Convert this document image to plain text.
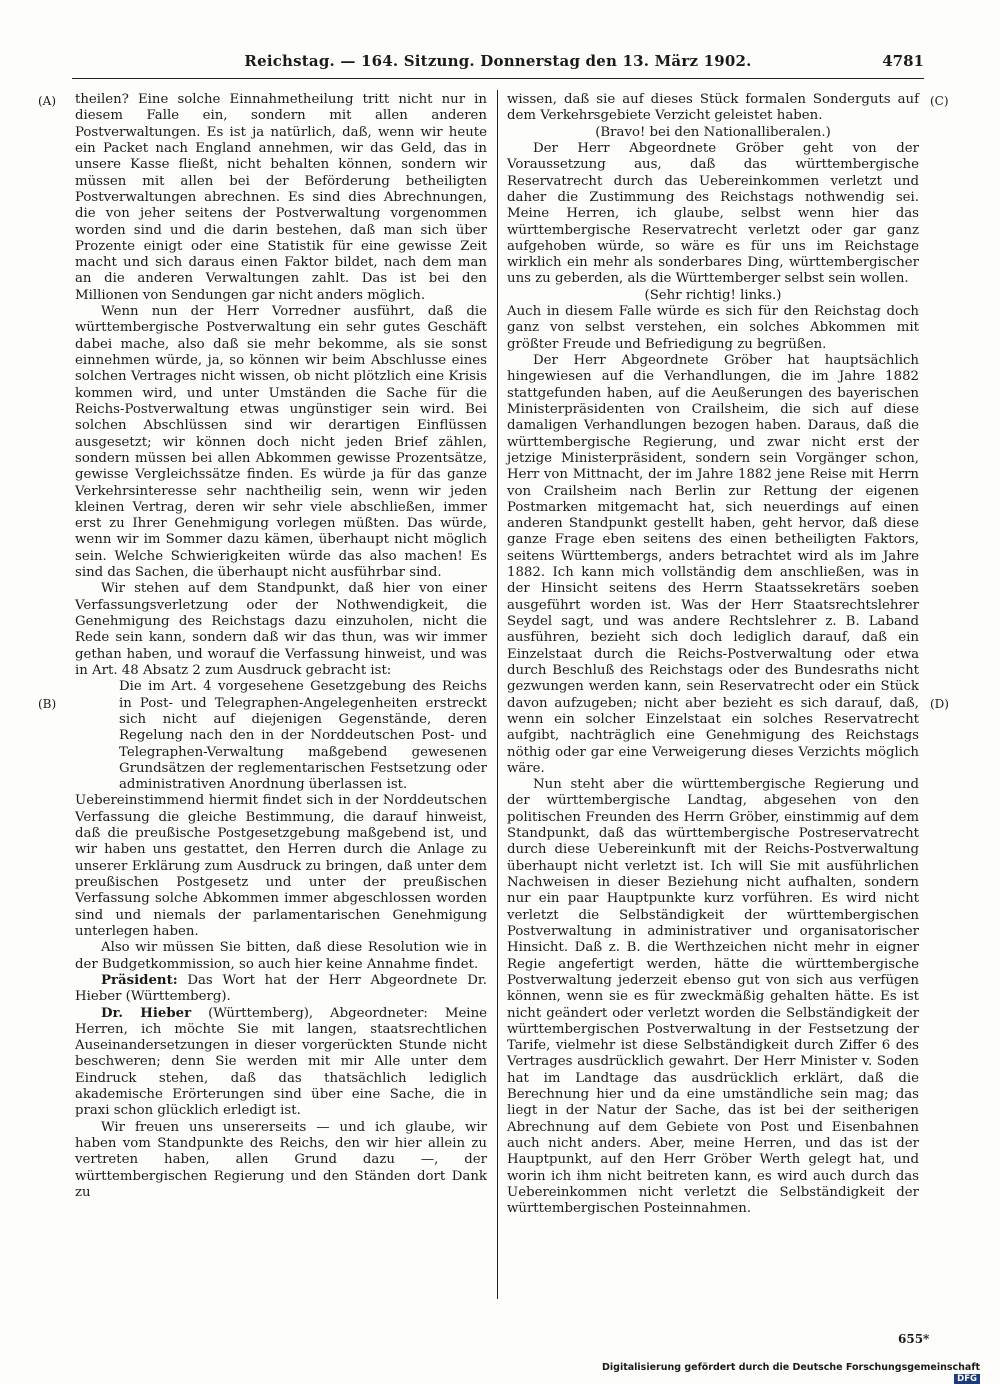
Reichstag. — 164. Sitzung. Donnerstag den 13. März 1902.	4781
(A)
(B)
(C)
(D)

theilen? Eine solche Einnahmetheilung tritt nicht nur in diesem Falle ein, sondern mit allen anderen Postverwaltungen. Es ist ja natürlich, daß, wenn wir heute ein Packet nach England annehmen, wir das Geld, das in unsere Kasse fließt, nicht behalten können, sondern wir müssen mit allen bei der Beförderung betheiligten Postverwaltungen abrechnen. Es sind dies Abrechnungen, die von jeher seitens der Postverwaltung vorgenommen worden sind und die darin bestehen, daß man sich über Prozente einigt oder eine Statistik für eine gewisse Zeit macht und sich daraus einen Faktor bildet, nach dem man an die anderen Verwaltungen zahlt. Das ist bei den Millionen von Sendungen gar nicht anders möglich.

Wenn nun der Herr Vorredner ausführt, daß die württembergische Postverwaltung ein sehr gutes Geschäft dabei mache, also daß sie mehr bekomme, als sie sonst einnehmen würde, ja, so können wir beim Abschlusse eines solchen Vertrages nicht wissen, ob nicht plötzlich eine Krisis kommen wird, und unter Umständen die Sache für die Reichs-Postverwaltung etwas ungünstiger sein wird. Bei solchen Abschlüssen sind wir derartigen Einflüssen ausgesetzt; wir können doch nicht jeden Brief zählen, sondern müssen bei allen Abkommen gewisse Prozentsätze, gewisse Vergleichssätze finden. Es würde ja für das ganze Verkehrsinteresse sehr nachtheilig sein, wenn wir jeden kleinen Vertrag, deren wir sehr viele abschließen, immer erst zu Ihrer Genehmigung vorlegen müßten. Das würde, wenn wir im Sommer dazu kämen, überhaupt nicht möglich sein. Welche Schwierigkeiten würde das also machen! Es sind das Sachen, die überhaupt nicht ausführbar sind.

Wir stehen auf dem Standpunkt, daß hier von einer Verfassungsverletzung oder der Nothwendigkeit, die Genehmigung des Reichstags dazu einzuholen, nicht die Rede sein kann, sondern daß wir das thun, was wir immer gethan haben, und worauf die Verfassung hinweist, und was in Art. 48 Absatz 2 zum Ausdruck gebracht ist:

Die im Art. 4 vorgesehene Gesetzgebung des Reichs in Post- und Telegraphen-Angelegenheiten erstreckt sich nicht auf diejenigen Gegenstände, deren Regelung nach den in der Norddeutschen Post- und Telegraphen-Verwaltung maßgebend gewesenen Grundsätzen der reglementarischen Festsetzung oder administrativen Anordnung überlassen ist.

Uebereinstimmend hiermit findet sich in der Norddeutschen Verfassung die gleiche Bestimmung, die darauf hinweist, daß die preußische Postgesetzgebung maßgebend ist, und wir haben uns gestattet, den Herren durch die Anlage zu unserer Erklärung zum Ausdruck zu bringen, daß unter dem preußischen Postgesetz und unter der preußischen Verfassung solche Abkommen immer abgeschlossen worden sind und niemals der parlamentarischen Genehmigung unterlegen haben.

Also wir müssen Sie bitten, daß diese Resolution wie in der Budgetkommission, so auch hier keine Annahme findet.

Präsident: Das Wort hat der Herr Abgeordnete Dr. Hieber (Württemberg).

Dr. Hieber (Württemberg), Abgeordneter: Meine Herren, ich möchte Sie mit langen, staatsrechtlichen Auseinandersetzungen in dieser vorgerückten Stunde nicht beschweren; denn Sie werden mit mir Alle unter dem Eindruck stehen, daß das thatsächlich lediglich akademische Erörterungen sind über eine Sache, die in praxi schon glücklich erledigt ist.

Wir freuen uns unsererseits — und ich glaube, wir haben vom Standpunkte des Reichs, den wir hier allein zu vertreten haben, allen Grund dazu —, der württembergischen Regierung und den Ständen dort Dank zu

wissen, daß sie auf dieses Stück formalen Sonderguts auf dem Verkehrsgebiete Verzicht geleistet haben.

(Bravo! bei den Nationalliberalen.)

Der Herr Abgeordnete Gröber geht von der Voraussetzung aus, daß das württembergische Reservatrecht durch das Uebereinkommen verletzt und daher die Zustimmung des Reichstags nothwendig sei. Meine Herren, ich glaube, selbst wenn hier das württembergische Reservatrecht verletzt oder gar ganz aufgehoben würde, so wäre es für uns im Reichstage wirklich ein mehr als sonderbares Ding, württembergischer uns zu geberden, als die Württemberger selbst sein wollen.

(Sehr richtig! links.)

Auch in diesem Falle würde es sich für den Reichstag doch ganz von selbst verstehen, ein solches Abkommen mit größter Freude und Befriedigung zu begrüßen.

Der Herr Abgeordnete Gröber hat hauptsächlich hingewiesen auf die Verhandlungen, die im Jahre 1882 stattgefunden haben, auf die Aeußerungen des bayerischen Ministerpräsidenten von Crailsheim, die sich auf diese damaligen Verhandlungen bezogen haben. Daraus, daß die württembergische Regierung, und zwar nicht erst der jetzige Ministerpräsident, sondern sein Vorgänger schon, Herr von Mittnacht, der im Jahre 1882 jene Reise mit Herrn von Crailsheim nach Berlin zur Rettung der eigenen Postmarken mitgemacht hat, sich neuerdings auf einen anderen Standpunkt gestellt haben, geht hervor, daß diese ganze Frage eben seitens des einen betheiligten Faktors, seitens Württembergs, anders betrachtet wird als im Jahre 1882. Ich kann mich vollständig dem anschließen, was in der Hinsicht seitens des Herrn Staatssekretärs soeben ausgeführt worden ist. Was der Herr Staatsrechtslehrer Seydel sagt, und was andere Rechtslehrer z. B. Laband ausführen, bezieht sich doch lediglich darauf, daß ein Einzelstaat durch die Reichs-Postverwaltung oder etwa durch Beschluß des Reichstags oder des Bundesraths nicht gezwungen werden kann, sein Reservatrecht oder ein Stück davon aufzugeben; nicht aber bezieht es sich darauf, daß, wenn ein solcher Einzelstaat ein solches Reservatrecht aufgibt, nachträglich eine Genehmigung des Reichstags nöthig oder gar eine Verweigerung dieses Verzichts möglich wäre.

Nun steht aber die württembergische Regierung und der württembergische Landtag, abgesehen von den politischen Freunden des Herrn Gröber, einstimmig auf dem Standpunkt, daß das württembergische Postreservatrecht durch diese Uebereinkunft mit der Reichs-Postverwaltung überhaupt nicht verletzt ist. Ich will Sie mit ausführlichen Nachweisen in dieser Beziehung nicht aufhalten, sondern nur ein paar Hauptpunkte kurz vorführen. Es wird nicht verletzt die Selbständigkeit der württembergischen Postverwaltung in administrativer und organisatorischer Hinsicht. Daß z. B. die Werthzeichen nicht mehr in eigner Regie angefertigt werden, hätte die württembergische Postverwaltung jederzeit ebenso gut von sich aus verfügen können, wenn sie es für zweckmäßig gehalten hätte. Es ist nicht geändert oder verletzt worden die Selbständigkeit der württembergischen Postverwaltung in der Festsetzung der Tarife, vielmehr ist diese Selbständigkeit durch Ziffer 6 des Vertrages ausdrücklich gewahrt. Der Herr Minister v. Soden hat im Landtage das ausdrücklich erklärt, daß die Berechnung hier und da eine umständliche sein mag; das liegt in der Natur der Sache, das ist bei der seitherigen Abrechnung auf dem Gebiete von Post und Eisenbahnen auch nicht anders. Aber, meine Herren, und das ist der Hauptpunkt, auf den Herr Gröber Werth gelegt hat, und worin ich ihm nicht beitreten kann, es wird auch durch das Uebereinkommen nicht verletzt die Selbständigkeit der württembergischen Posteinnahmen.

655*
Digitalisierung gefördert durch die Deutsche Forschungsgemeinschaft DFG
